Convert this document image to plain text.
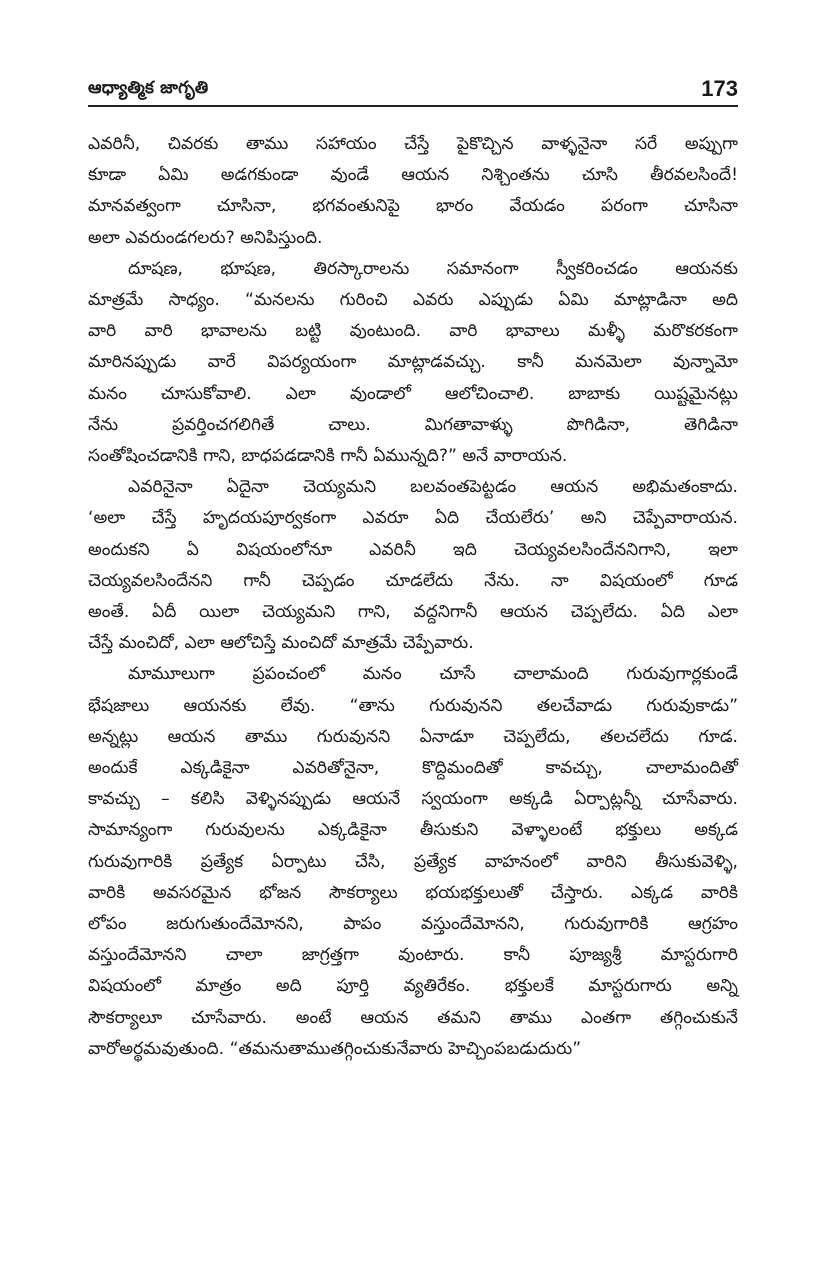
ఆధ్యాత్మిక జాగృతి	173

ఎవరినీ, చివరకు తాము సహాయం చేస్తే పైకొచ్చిన వాళ్ళనైనా సరే అప్పుగా
కూడా ఏమి అడగకుండా వుండే ఆయన నిశ్చింతను చూసి తీరవలసిందే!
మానవత్వంగా చూసినా, భగవంతునిపై భారం వేయడం పరంగా చూసినా
అలా ఎవరుండగలరు? అనిపిస్తుంది.

దూషణ, భూషణ, తిరస్కారాలను సమానంగా స్వీకరించడం ఆయనకు
మాత్రమే సాధ్యం. “మనలను గురించి ఎవరు ఎప్పుడు ఏమి మాట్లాడినా అది
వారి వారి భావాలను బట్టి వుంటుంది. వారి భావాలు మళ్ళీ మరొకరకంగా
మారినప్పుడు వారే విపర్యయంగా మాట్లాడవచ్చు. కానీ మనమెలా వున్నామో
మనం చూసుకోవాలి. ఎలా వుండాలో ఆలోచించాలి. బాబాకు యిష్టమైనట్లు
నేను ప్రవర్తించగలిగితే చాలు. మిగతావాళ్ళు పొగిడినా, తెగిడినా
సంతోషించడానికి గాని, బాధపడడానికి గానీ ఏమున్నది?” అనే వారాయన.

ఎవరినైనా ఏదైనా చెయ్యమని బలవంతపెట్టడం ఆయన అభిమతంకాదు.
‘అలా చేస్తే హృదయపూర్వకంగా ఎవరూ ఏది చేయలేరు’ అని చెప్పేవారాయన.
అందుకని ఏ విషయంలోనూ ఎవరినీ ఇది చెయ్యవలసిందేననిగాని, ఇలా
చెయ్యవలసిందేనని గానీ చెప్పడం చూడలేదు నేను. నా విషయంలో గూడ
అంతే. ఏదీ యిలా చెయ్యమని గాని, వద్దనిగానీ ఆయన చెప్పలేదు. ఏది ఎలా
చేస్తే మంచిదో, ఎలా ఆలోచిస్తే మంచిదో మాత్రమే చెప్పేవారు.

మామూలుగా ప్రపంచంలో మనం చూసే చాలామంది గురువుగార్లకుండే
భేషజాలు ఆయనకు లేవు. “తాను గురువునని తలచేవాడు గురువుకాడు”
అన్నట్లు ఆయన తాము గురువునని ఏనాడూ చెప్పలేదు, తలచలేదు గూడ.
అందుకే ఎక్కడికైనా ఎవరితోనైనా, కొద్దిమందితో కావచ్చు, చాలామందితో
కావచ్చు – కలిసి వెళ్ళినప్పుడు ఆయనే స్వయంగా అక్కడి ఏర్పాట్లన్నీ చూసేవారు.
సామాన్యంగా గురువులను ఎక్కడికైనా తీసుకుని వెళ్ళాలంటే భక్తులు అక్కడ
గురువుగారికి ప్రత్యేక ఏర్పాటు చేసి, ప్రత్యేక వాహనంలో వారిని తీసుకువెళ్ళి,
వారికి అవసరమైన భోజన సౌకర్యాలు భయభక్తులుతో చేస్తారు. ఎక్కడ వారికి
లోపం జరుగుతుందేమోనని, పాపం వస్తుందేమోనని, గురువుగారికి ఆగ్రహం
వస్తుందేమోనని చాలా జాగ్రత్తగా వుంటారు. కానీ పూజ్యశ్రీ మాస్టరుగారి
విషయంలో మాత్రం అది పూర్తి వ్యతిరేకం. భక్తులకే మాస్టరుగారు అన్ని
సౌకర్యాలూ చూసేవారు. అంటే ఆయన తమని తాము ఎంతగా తగ్గించుకునే
వారోఅర్థమవుతుంది. “తమనుతాముతగ్గించుకునేవారు హెచ్చింపబడుదురు”
